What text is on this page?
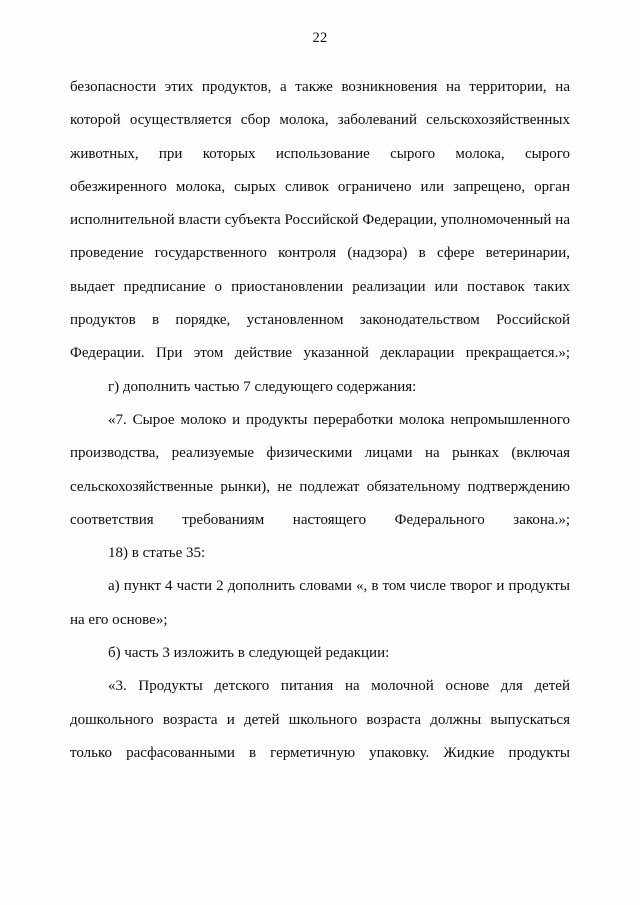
22

безопасности этих продуктов, а также возникновения на территории, на которой осуществляется сбор молока, заболеваний сельскохозяйственных животных, при которых использование сырого молока, сырого обезжиренного молока, сырых сливок ограничено или запрещено, орган исполнительной власти субъекта Российской Федерации, уполномоченный на проведение государственного контроля (надзора) в сфере ветеринарии, выдает предписание о приостановлении реализации или поставок таких продуктов в порядке, установленном законодательством Российской Федерации. При этом действие указанной декларации прекращается.»;

г) дополнить частью 7 следующего содержания:

«7. Сырое молоко и продукты переработки молока непромышленного производства, реализуемые физическими лицами на рынках (включая сельскохозяйственные рынки), не подлежат обязательному подтверждению соответствия требованиям настоящего Федерального закона.»;

18) в статье 35:

а) пункт 4 части 2 дополнить словами «, в том числе творог и продукты на его основе»;

б) часть 3 изложить в следующей редакции:

«3. Продукты детского питания на молочной основе для детей дошкольного возраста и детей школьного возраста должны выпускаться только расфасованными в герметичную упаковку. Жидкие продукты
